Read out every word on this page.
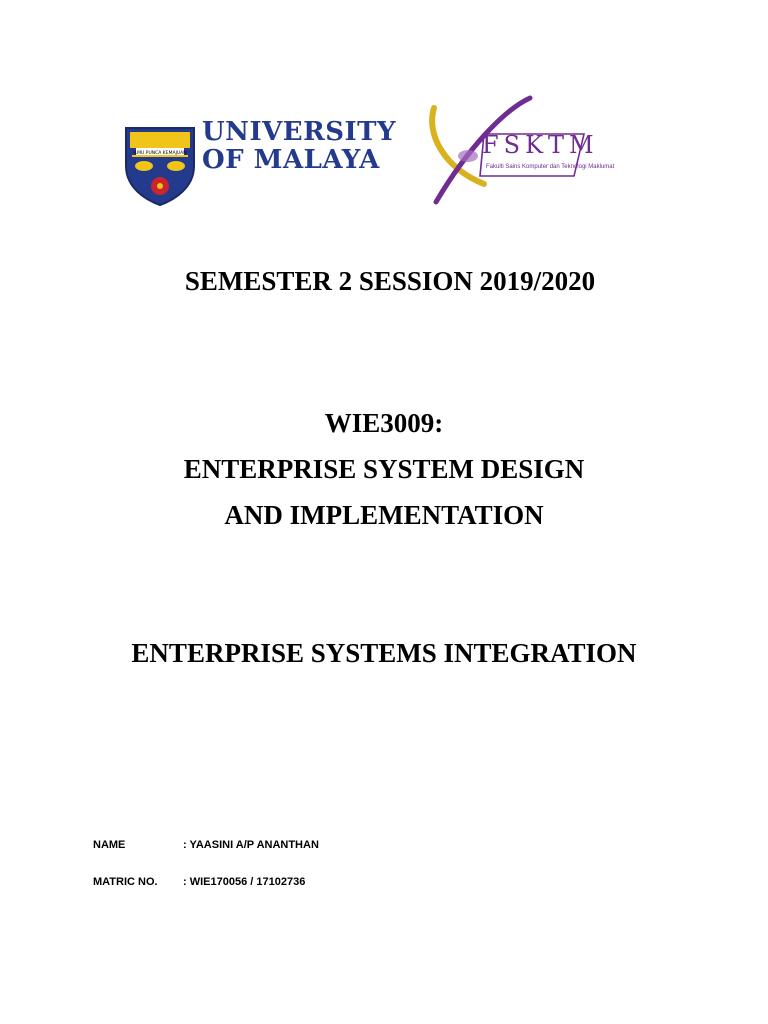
ILMU PUNCA KEMAJUAN
UNIVERSITY
OF MALAYA	FSKTM
Fakulti Sains Komputer dan Teknologi Maklumat
SEMESTER 2 SESSION 2019/2020
WIE3009:
ENTERPRISE SYSTEM DESIGN
AND IMPLEMENTATION
ENTERPRISE SYSTEMS INTEGRATION
NAME	: YAASINI A/P ANANTHAN
MATRIC NO. : WIE170056 / 17102736
